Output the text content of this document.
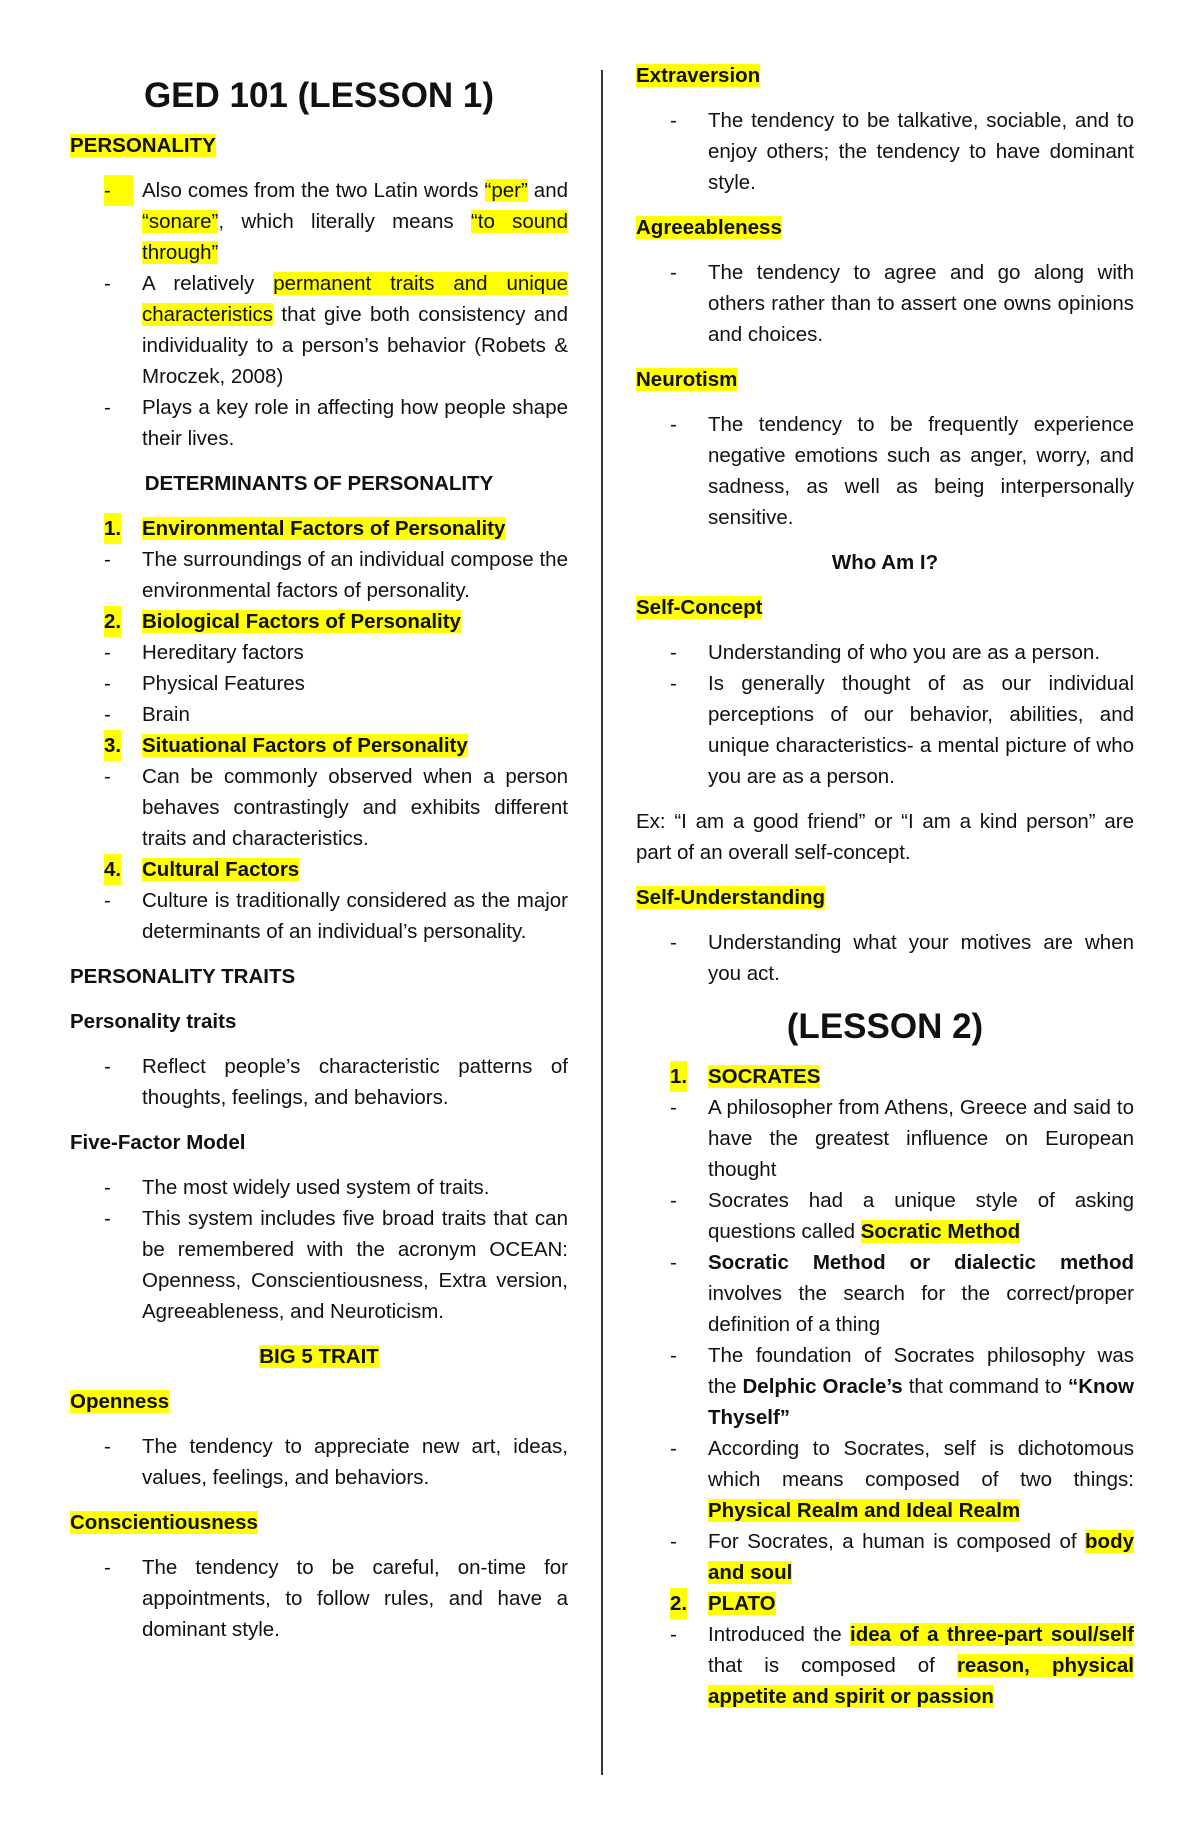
GED 101 (LESSON 1)
PERSONALITY
- Also comes from the two Latin words “per” and “sonare”, which literally means “to sound through”
- A relatively permanent traits and unique characteristics that give both consistency and individuality to a person’s behavior (Robets & Mroczek, 2008)
- Plays a key role in affecting how people shape their lives.
DETERMINANTS OF PERSONALITY
1. Environmental Factors of Personality
- The surroundings of an individual compose the environmental factors of personality.
2. Biological Factors of Personality
- Hereditary factors
- Physical Features
- Brain
3. Situational Factors of Personality
- Can be commonly observed when a person behaves contrastingly and exhibits different traits and characteristics.
4. Cultural Factors
- Culture is traditionally considered as the major determinants of an individual’s personality.
PERSONALITY TRAITS
Personality traits
- Reflect people’s characteristic patterns of thoughts, feelings, and behaviors.
Five-Factor Model
- The most widely used system of traits.
- This system includes five broad traits that can be remembered with the acronym OCEAN: Openness, Conscientiousness, Extra version, Agreeableness, and Neuroticism.
BIG 5 TRAIT
Openness
- The tendency to appreciate new art, ideas, values, feelings, and behaviors.
Conscientiousness
- The tendency to be careful, on-time for appointments, to follow rules, and have a dominant style.
Extraversion
- The tendency to be talkative, sociable, and to enjoy others; the tendency to have dominant style.
Agreeableness
- The tendency to agree and go along with others rather than to assert one owns opinions and choices.
Neurotism
- The tendency to be frequently experience negative emotions such as anger, worry, and sadness, as well as being interpersonally sensitive.
Who Am I?
Self-Concept
- Understanding of who you are as a person.
- Is generally thought of as our individual perceptions of our behavior, abilities, and unique characteristics- a mental picture of who you are as a person.
Ex: “I am a good friend” or “I am a kind person” are part of an overall self-concept.
Self-Understanding
- Understanding what your motives are when you act.
(LESSON 2)
1. SOCRATES
- A philosopher from Athens, Greece and said to have the greatest influence on European thought
- Socrates had a unique style of asking questions called Socratic Method
- Socratic Method or dialectic method involves the search for the correct/proper definition of a thing
- The foundation of Socrates philosophy was the Delphic Oracle’s that command to “Know Thyself”
- According to Socrates, self is dichotomous which means composed of two things: Physical Realm and Ideal Realm
- For Socrates, a human is composed of body and soul
2. PLATO
- Introduced the idea of a three-part soul/self that is composed of reason, physical appetite and spirit or passion
